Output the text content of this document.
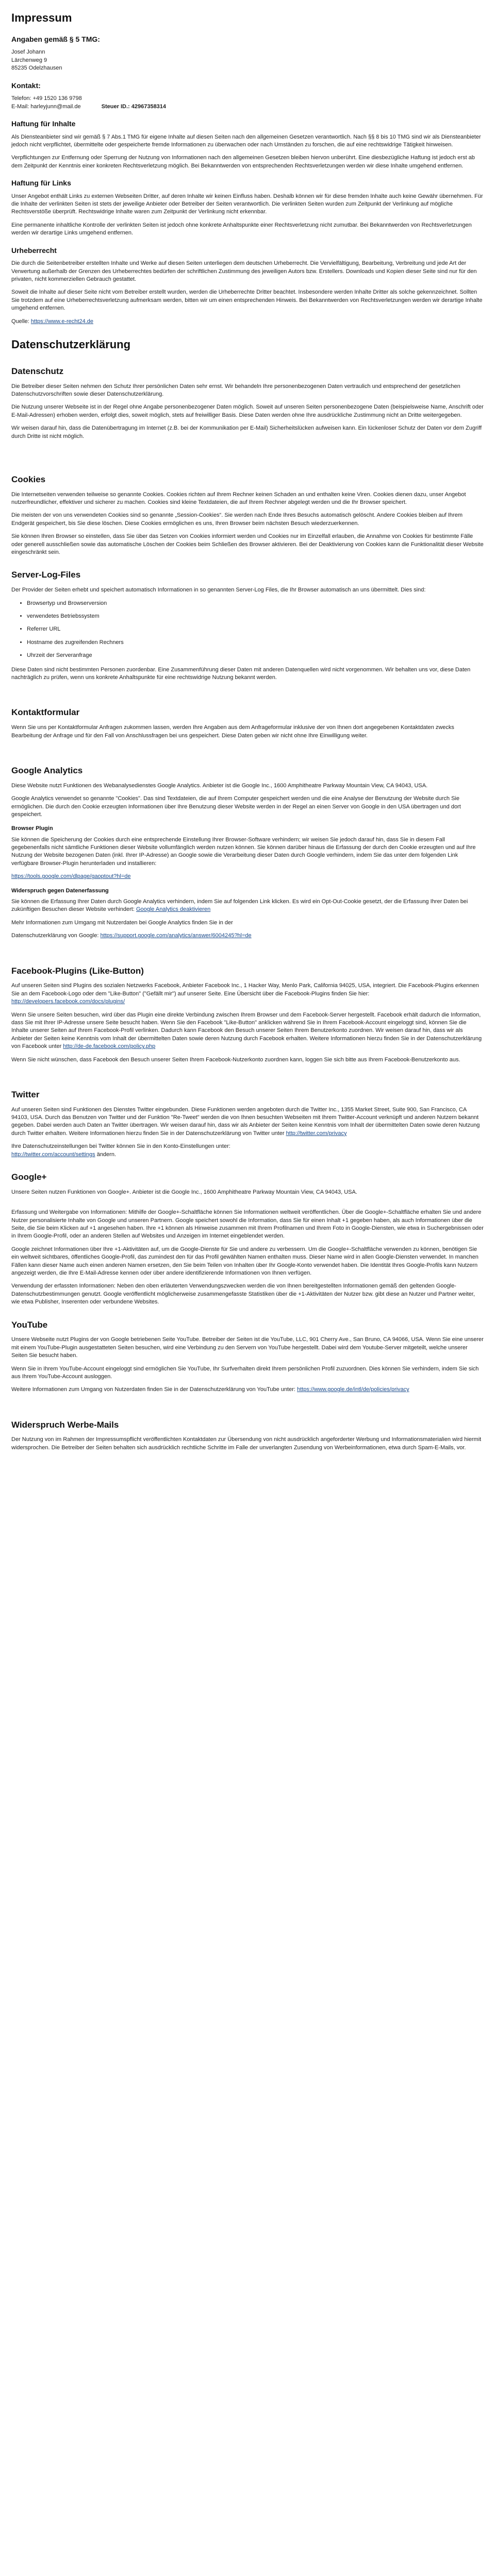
Impressum
Angaben gemäß § 5 TMG:

Josef Johann

Lärchenweg 9

85235 Odelzhausen

Kontakt:

Telefon: +49 1520 136 9798

E-Mail: harleyjunn@mail.de	Steuer ID.: 42967358314

Haftung für Inhalte

Als Diensteanbieter sind wir gemäß § 7 Abs.1 TMG für eigene Inhalte auf diesen Seiten nach den allgemeinen Gesetzen verantwortlich. Nach §§ 8 bis 10 TMG sind wir als Diensteanbieter jedoch nicht verpflichtet, übermittelte oder gespeicherte fremde Informationen zu überwachen oder nach Umständen zu forschen, die auf eine rechtswidrige Tätigkeit hinweisen.

Verpflichtungen zur Entfernung oder Sperrung der Nutzung von Informationen nach den allgemeinen Gesetzen bleiben hiervon unberührt. Eine diesbezügliche Haftung ist jedoch erst ab dem Zeitpunkt der Kenntnis einer konkreten Rechtsverletzung möglich. Bei Bekanntwerden von entsprechenden Rechtsverletzungen werden wir diese Inhalte umgehend entfernen.

Haftung für Links

Unser Angebot enthält Links zu externen Webseiten Dritter, auf deren Inhalte wir keinen Einfluss haben. Deshalb können wir für diese fremden Inhalte auch keine Gewähr übernehmen. Für die Inhalte der verlinkten Seiten ist stets der jeweilige Anbieter oder Betreiber der Seiten verantwortlich. Die verlinkten Seiten wurden zum Zeitpunkt der Verlinkung auf mögliche Rechtsverstöße überprüft. Rechtswidrige Inhalte waren zum Zeitpunkt der Verlinkung nicht erkennbar.

Eine permanente inhaltliche Kontrolle der verlinkten Seiten ist jedoch ohne konkrete Anhaltspunkte einer Rechtsverletzung nicht zumutbar. Bei Bekanntwerden von Rechtsverletzungen werden wir derartige Links umgehend entfernen.

Urheberrecht

Die durch die Seitenbetreiber erstellten Inhalte und Werke auf diesen Seiten unterliegen dem deutschen Urheberrecht. Die Vervielfältigung, Bearbeitung, Verbreitung und jede Art der Verwertung außerhalb der Grenzen des Urheberrechtes bedürfen der schriftlichen Zustimmung des jeweiligen Autors bzw. Erstellers. Downloads und Kopien dieser Seite sind nur für den privaten, nicht kommerziellen Gebrauch gestattet.

Soweit die Inhalte auf dieser Seite nicht vom Betreiber erstellt wurden, werden die Urheberrechte Dritter beachtet. Insbesondere werden Inhalte Dritter als solche gekennzeichnet. Sollten Sie trotzdem auf eine Urheberrechtsverletzung aufmerksam werden, bitten wir um einen entsprechenden Hinweis. Bei Bekanntwerden von Rechtsverletzungen werden wir derartige Inhalte umgehend entfernen.

Quelle: https://www.e-recht24.de

Datenschutzerklärung
Datenschutz

Die Betreiber dieser Seiten nehmen den Schutz Ihrer persönlichen Daten sehr ernst. Wir behandeln Ihre personenbezogenen Daten vertraulich und entsprechend der gesetzlichen Datenschutzvorschriften sowie dieser Datenschutzerklärung.

Die Nutzung unserer Webseite ist in der Regel ohne Angabe personenbezogener Daten möglich. Soweit auf unseren Seiten personenbezogene Daten (beispielsweise Name, Anschrift oder E-Mail-Adressen) erhoben werden, erfolgt dies, soweit möglich, stets auf freiwilliger Basis. Diese Daten werden ohne Ihre ausdrückliche Zustimmung nicht an Dritte weitergegeben.

Wir weisen darauf hin, dass die Datenübertragung im Internet (z.B. bei der Kommunikation per E-Mail) Sicherheitslücken aufweisen kann. Ein lückenloser Schutz der Daten vor dem Zugriff durch Dritte ist nicht möglich.

Cookies

Die Internetseiten verwenden teilweise so genannte Cookies. Cookies richten auf Ihrem Rechner keinen Schaden an und enthalten keine Viren. Cookies dienen dazu, unser Angebot nutzerfreundlicher, effektiver und sicherer zu machen. Cookies sind kleine Textdateien, die auf Ihrem Rechner abgelegt werden und die Ihr Browser speichert.

Die meisten der von uns verwendeten Cookies sind so genannte „Session-Cookies“. Sie werden nach Ende Ihres Besuchs automatisch gelöscht. Andere Cookies bleiben auf Ihrem Endgerät gespeichert, bis Sie diese löschen. Diese Cookies ermöglichen es uns, Ihren Browser beim nächsten Besuch wiederzuerkennen.

Sie können Ihren Browser so einstellen, dass Sie über das Setzen von Cookies informiert werden und Cookies nur im Einzelfall erlauben, die Annahme von Cookies für bestimmte Fälle oder generell ausschließen sowie das automatische Löschen der Cookies beim Schließen des Browser aktivieren. Bei der Deaktivierung von Cookies kann die Funktionalität dieser Website eingeschränkt sein.

Server-Log-Files

Der Provider der Seiten erhebt und speichert automatisch Informationen in so genannten Server-Log Files, die Ihr Browser automatisch an uns übermittelt. Dies sind:

• Browsertyp und Browserversion
• verwendetes Betriebssystem
• Referrer URL
• Hostname des zugreifenden Rechners
• Uhrzeit der Serveranfrage

Diese Daten sind nicht bestimmten Personen zuordenbar. Eine Zusammenführung dieser Daten mit anderen Datenquellen wird nicht vorgenommen. Wir behalten uns vor, diese Daten nachträglich zu prüfen, wenn uns konkrete Anhaltspunkte für eine rechtswidrige Nutzung bekannt werden.

Kontaktformular

Wenn Sie uns per Kontaktformular Anfragen zukommen lassen, werden Ihre Angaben aus dem Anfrageformular inklusive der von Ihnen dort angegebenen Kontaktdaten zwecks Bearbeitung der Anfrage und für den Fall von Anschlussfragen bei uns gespeichert. Diese Daten geben wir nicht ohne Ihre Einwilligung weiter.

Google Analytics

Diese Website nutzt Funktionen des Webanalysedienstes Google Analytics. Anbieter ist die Google Inc., 1600 Amphitheatre Parkway Mountain View, CA 94043, USA.

Google Analytics verwendet so genannte "Cookies". Das sind Textdateien, die auf Ihrem Computer gespeichert werden und die eine Analyse der Benutzung der Website durch Sie ermöglichen. Die durch den Cookie erzeugten Informationen über Ihre Benutzung dieser Website werden in der Regel an einen Server von Google in den USA übertragen und dort gespeichert.

Browser Plugin

Sie können die Speicherung der Cookies durch eine entsprechende Einstellung Ihrer Browser-Software verhindern; wir weisen Sie jedoch darauf hin, dass Sie in diesem Fall gegebenenfalls nicht sämtliche Funktionen dieser Website vollumfänglich werden nutzen können. Sie können darüber hinaus die Erfassung der durch den Cookie erzeugten und auf Ihre Nutzung der Website bezogenen Daten (inkl. Ihrer IP-Adresse) an Google sowie die Verarbeitung dieser Daten durch Google verhindern, indem Sie das unter dem folgenden Link verfügbare Browser-Plugin herunterladen und installieren:

https://tools.google.com/dlpage/gaoptout?hl=de

Widerspruch gegen Datenerfassung

Sie können die Erfassung Ihrer Daten durch Google Analytics verhindern, indem Sie auf folgenden Link klicken. Es wird ein Opt-Out-Cookie gesetzt, der die Erfassung Ihrer Daten bei zukünftigen Besuchen dieser Website verhindert: Google Analytics deaktivieren

Mehr Informationen zum Umgang mit Nutzerdaten bei Google Analytics finden Sie in der

Datenschutzerklärung von Google: https://support.google.com/analytics/answer/6004245?hl=de

Facebook-Plugins (Like-Button)

Auf unseren Seiten sind Plugins des sozialen Netzwerks Facebook, Anbieter Facebook Inc., 1 Hacker Way, Menlo Park, California 94025, USA, integriert. Die Facebook-Plugins erkennen Sie an dem Facebook-Logo oder dem "Like-Button" ("Gefällt mir") auf unserer Seite. Eine Übersicht über die Facebook-Plugins finden Sie hier: http://developers.facebook.com/docs/plugins/

Wenn Sie unsere Seiten besuchen, wird über das Plugin eine direkte Verbindung zwischen Ihrem Browser und dem Facebook-Server hergestellt. Facebook erhält dadurch die Information, dass Sie mit Ihrer IP-Adresse unsere Seite besucht haben. Wenn Sie den Facebook "Like-Button" anklicken während Sie in Ihrem Facebook-Account eingeloggt sind, können Sie die Inhalte unserer Seiten auf Ihrem Facebook-Profil verlinken. Dadurch kann Facebook den Besuch unserer Seiten Ihrem Benutzerkonto zuordnen. Wir weisen darauf hin, dass wir als Anbieter der Seiten keine Kenntnis vom Inhalt der übermittelten Daten sowie deren Nutzung durch Facebook erhalten. Weitere Informationen hierzu finden Sie in der Datenschutzerklärung von Facebook unter http://de-de.facebook.com/policy.php

Wenn Sie nicht wünschen, dass Facebook den Besuch unserer Seiten Ihrem Facebook-Nutzerkonto zuordnen kann, loggen Sie sich bitte aus Ihrem Facebook-Benutzerkonto aus.

Twitter

Auf unseren Seiten sind Funktionen des Dienstes Twitter eingebunden. Diese Funktionen werden angeboten durch die Twitter Inc., 1355 Market Street, Suite 900, San Francisco, CA 94103, USA. Durch das Benutzen von Twitter und der Funktion "Re-Tweet" werden die von Ihnen besuchten Webseiten mit Ihrem Twitter-Account verknüpft und anderen Nutzern bekannt gegeben. Dabei werden auch Daten an Twitter übertragen. Wir weisen darauf hin, dass wir als Anbieter der Seiten keine Kenntnis vom Inhalt der übermittelten Daten sowie deren Nutzung durch Twitter erhalten. Weitere Informationen hierzu finden Sie in der Datenschutzerklärung von Twitter unter http://twitter.com/privacy

Ihre Datenschutzeinstellungen bei Twitter können Sie in den Konto-Einstellungen unter:
http://twitter.com/account/settings ändern.

Google+

Unsere Seiten nutzen Funktionen von Google+. Anbieter ist die Google Inc., 1600 Amphitheatre Parkway Mountain View, CA 94043, USA.

Erfassung und Weitergabe von Informationen: Mithilfe der Google+-Schaltfläche können Sie Informationen weltweit veröffentlichen. Über die Google+-Schaltfläche erhalten Sie und andere Nutzer personalisierte Inhalte von Google und unseren Partnern. Google speichert sowohl die Information, dass Sie für einen Inhalt +1 gegeben haben, als auch Informationen über die Seite, die Sie beim Klicken auf +1 angesehen haben. Ihre +1 können als Hinweise zusammen mit Ihrem Profilnamen und Ihrem Foto in Google-Diensten, wie etwa in Suchergebnissen oder in Ihrem Google-Profil, oder an anderen Stellen auf Websites und Anzeigen im Internet eingeblendet werden.

Google zeichnet Informationen über Ihre +1-Aktivitäten auf, um die Google-Dienste für Sie und andere zu verbessern. Um die Google+-Schaltfläche verwenden zu können, benötigen Sie ein weltweit sichtbares, öffentliches Google-Profil, das zumindest den für das Profil gewählten Namen enthalten muss. Dieser Name wird in allen Google-Diensten verwendet. In manchen Fällen kann dieser Name auch einen anderen Namen ersetzen, den Sie beim Teilen von Inhalten über Ihr Google-Konto verwendet haben. Die Identität Ihres Google-Profils kann Nutzern angezeigt werden, die Ihre E-Mail-Adresse kennen oder über andere identifizierende Informationen von Ihnen verfügen.

Verwendung der erfassten Informationen: Neben den oben erläuterten Verwendungszwecken werden die von Ihnen bereitgestellten Informationen gemäß den geltenden Google-Datenschutzbestimmungen genutzt. Google veröffentlicht möglicherweise zusammengefasste Statistiken über die +1-Aktivitäten der Nutzer bzw. gibt diese an Nutzer und Partner weiter, wie etwa Publisher, Inserenten oder verbundene Websites.

YouTube

Unsere Webseite nutzt Plugins der von Google betriebenen Seite YouTube. Betreiber der Seiten ist die YouTube, LLC, 901 Cherry Ave., San Bruno, CA 94066, USA. Wenn Sie eine unserer mit einem YouTube-Plugin ausgestatteten Seiten besuchen, wird eine Verbindung zu den Servern von YouTube hergestellt. Dabei wird dem Youtube-Server mitgeteilt, welche unserer Seiten Sie besucht haben.

Wenn Sie in Ihrem YouTube-Account eingeloggt sind ermöglichen Sie YouTube, Ihr Surfverhalten direkt Ihrem persönlichen Profil zuzuordnen. Dies können Sie verhindern, indem Sie sich aus Ihrem YouTube-Account ausloggen.

Weitere Informationen zum Umgang von Nutzerdaten finden Sie in der Datenschutzerklärung von YouTube unter: https://www.google.de/intl/de/policies/privacy

Widerspruch Werbe-Mails

Der Nutzung von im Rahmen der Impressumspflicht veröffentlichten Kontaktdaten zur Übersendung von nicht ausdrücklich angeforderter Werbung und Informationsmaterialien wird hiermit widersprochen. Die Betreiber der Seiten behalten sich ausdrücklich rechtliche Schritte im Falle der unverlangten Zusendung von Werbeinformationen, etwa durch Spam-E-Mails, vor.
